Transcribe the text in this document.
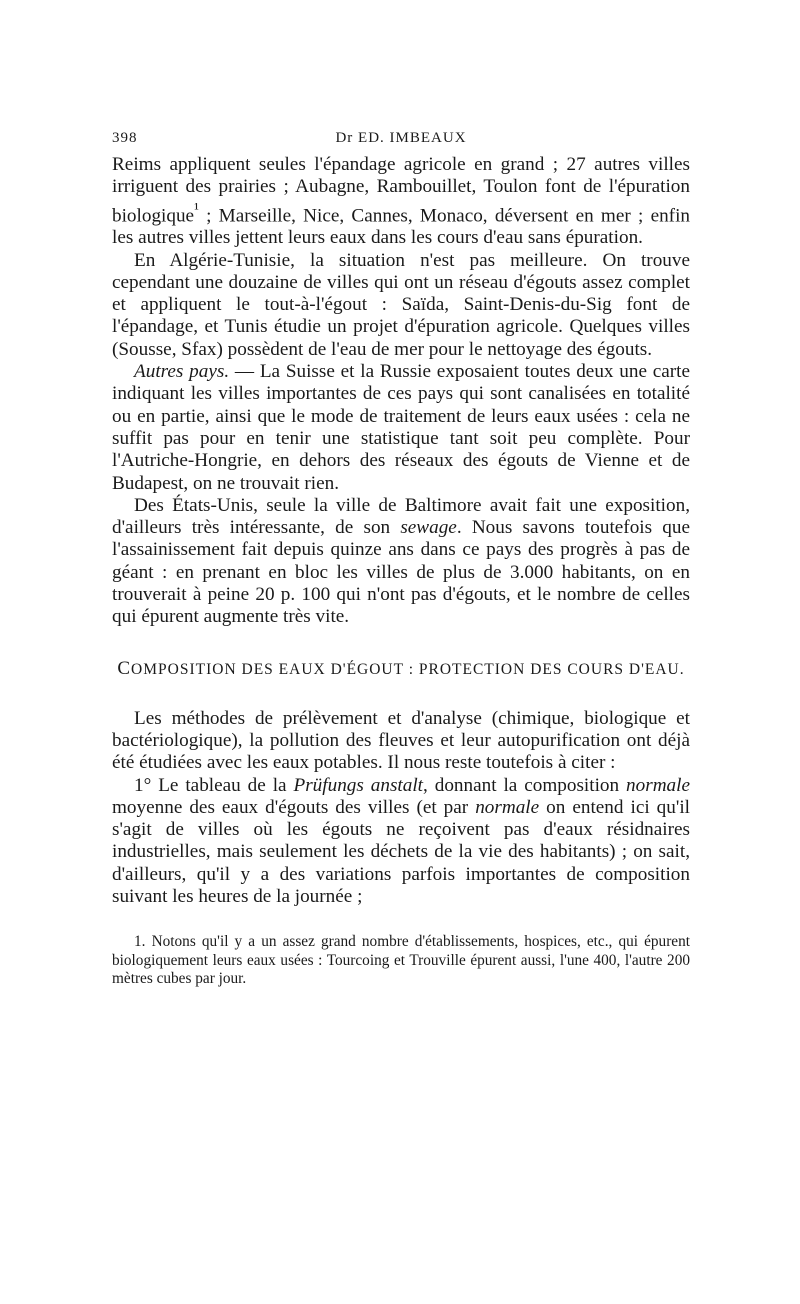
398	Dr ED. IMBEAUX

Reims appliquent seules l'épandage agricole en grand ; 27 autres villes irriguent des prairies ; Aubagne, Rambouillet, Toulon font de l'épuration biologique$^{^1}$ ; Marseille, Nice, Cannes, Monaco, déversent en mer ; enfin les autres villes jettent leurs eaux dans les cours d'eau sans épuration.

En Algérie-Tunisie, la situation n'est pas meilleure. On trouve cependant une douzaine de villes qui ont un réseau d'égouts assez complet et appliquent le tout-à-l'égout : Saïda, Saint-Denis-du-Sig font de l'épandage, et Tunis étudie un projet d'épuration agricole. Quelques villes (Sousse, Sfax) possèdent de l'eau de mer pour le nettoyage des égouts.

Autres pays. — La Suisse et la Russie exposaient toutes deux une carte indiquant les villes importantes de ces pays qui sont canalisées en totalité ou en partie, ainsi que le mode de traitement de leurs eaux usées : cela ne suffit pas pour en tenir une statistique tant soit peu complète. Pour l'Autriche-Hongrie, en dehors des réseaux des égouts de Vienne et de Budapest, on ne trouvait rien.

Des États-Unis, seule la ville de Baltimore avait fait une exposition, d'ailleurs très intéressante, de son sewage. Nous savons toutefois que l'assainissement fait depuis quinze ans dans ce pays des progrès à pas de géant : en prenant en bloc les villes de plus de 3.000 habitants, on en trouverait à peine 20 p. 100 qui n'ont pas d'égouts, et le nombre de celles qui épurent augmente très vite.

COMPOSITION DES EAUX D'ÉGOUT : PROTECTION DES COURS D'EAU.

Les méthodes de prélèvement et d'analyse (chimique, biologique et bactériologique), la pollution des fleuves et leur autopurification ont déjà été étudiées avec les eaux potables. Il nous reste toutefois à citer :

1° Le tableau de la Prüfungs anstalt, donnant la composition normale moyenne des eaux d'égouts des villes (et par normale on entend ici qu'il s'agit de villes où les égouts ne reçoivent pas d'eaux résidnaires industrielles, mais seulement les déchets de la vie des habitants) ; on sait, d'ailleurs, qu'il y a des variations parfois importantes de composition suivant les heures de la journée ;

1. Notons qu'il y a un assez grand nombre d'établissements, hospices, etc., qui épurent biologiquement leurs eaux usées : Tourcoing et Trouville épurent aussi, l'une 400, l'autre 200 mètres cubes par jour.
